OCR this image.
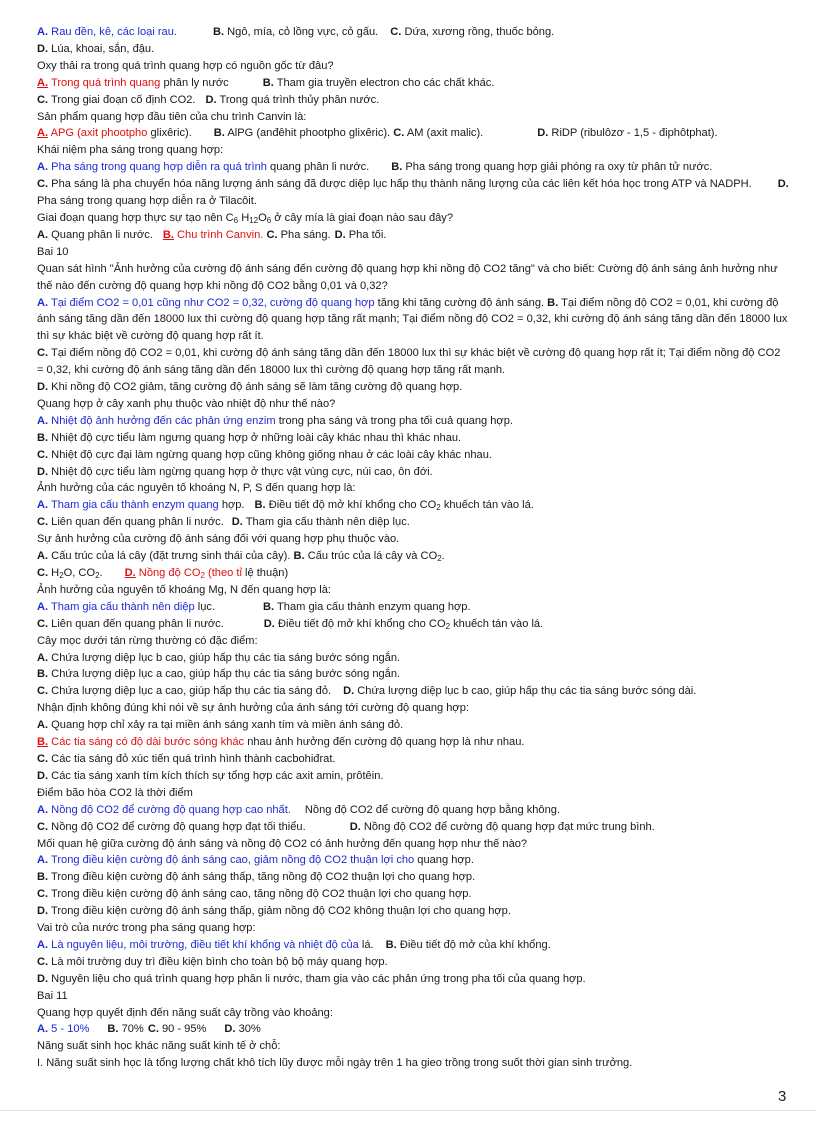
A. Rau đền, kê, các loại rau.	B. Ngô, mía, cỏ lồng vực, cỏ gấu. C. Dứa, xương rồng, thuốc bỏng.
D. Lúa, khoai, sắn, đậu.
Oxy thải ra trong quá trình quang hợp có nguồn gốc từ đâu?
A. Trong quá trình quang phân ly nước	B. Tham gia truyền electron cho các chất khác.
C. Trong giai đoạn cố định CO2. D. Trong quá trình thủy phân nước.
Sản phẩm quang hợp đầu tiên của chu trình Canvin là:
A. APG (axit phootpho glixêric). B. AlPG (anđêhit phootpho glixêric). C. AM (axit malic).	D. RiDP (ribulôzơ - 1,5 - điphôtphat).
Khái niệm pha sáng trong quang hợp:
A. Pha sáng trong quang hợp diễn ra quá trình quang phân li nước. B. Pha sáng trong quang hợp giải phóng ra oxy từ phân tử nước.
C. Pha sáng là pha chuyển hóa năng lượng ánh sáng đã được diệp lục hấp thụ thành năng lượng của các liên kết hóa học trong ATP và NADPH. D. Pha sáng trong quang hợp diễn ra ở Tilacôit.
Giai đoạn quang hợp thực sự tạo nên $C_6$ $H_{12}O_6$ ở cây mía là giai đoạn nào sau đây?
A. Quang phân li nước. B. Chu trình Canvin. C. Pha sáng. D. Pha tối.
Bai 10
Quan sát hình "Ảnh hưởng của cường độ ánh sáng đến cường độ quang hợp khi nồng độ CO2 tăng" và cho biết: Cường độ ánh sáng ảnh hưởng như thế nào đến cường độ quang hợp khi nồng độ CO2 bằng 0,01 và 0,32?
A. Tại điểm CO2 = 0,01 cũng như CO2 = 0,32, cường độ quang hợp tăng khi tăng cường độ ánh sáng. B. Tại điểm nồng độ CO2 = 0,01, khi cường độ ánh sáng tăng dần đến 18000 lux thì cường độ quang hợp tăng rất mạnh; Tại điểm nồng độ CO2 = 0,32, khi cường độ ánh sáng tăng dần đến 18000 lux thì sự khác biệt về cường độ quang hợp rất ít.
C. Tại điểm nồng độ CO2 = 0,01, khi cường độ ánh sáng tăng dần đến 18000 lux thì sự khác biệt về cường độ quang hợp rất ít; Tại điểm nồng độ CO2 = 0,32, khi cường độ ánh sáng tăng dần đến 18000 lux thì cường độ quang hợp tăng rất mạnh.
D. Khi nồng độ CO2 giảm, tăng cường độ ánh sáng sẽ làm tăng cường độ quang hợp.
Quang hợp ở cây xanh phụ thuộc vào nhiệt độ như thế nào?
A. Nhiệt độ ảnh hưởng đến các phản ứng enzim trong pha sáng và trong pha tối cuả quang hợp.
B. Nhiệt độ cực tiểu làm ngưng quang hợp ở những loài cây khác nhau thì khác nhau.
C. Nhiệt độ cực đại làm ngừng quang hợp cũng không giống nhau ở các loài cây khác nhau.
D. Nhiệt độ cực tiểu làm ngừng quang hợp ở thực vật vùng cực, núi cao, ôn đới.
Ảnh hưởng của các nguyên tố khoáng N, P, S đến quang hợp là:
A. Tham gia cấu thành enzym quang hợp. B. Điều tiết độ mở khí khổng cho $CO_2$ khuếch tán vào lá.
C. Liên quan đến quang phân li nước. D. Tham gia cấu thành nên diệp lục.
Sự ảnh hưởng của cường độ ánh sáng đối với quang hợp phụ thuộc vào.
A. Cấu trúc của lá cây (đặt trưng sinh thái của cây). B. Cấu trúc của lá cây và $CO_2$.
C. $H_2O$, $CO_2$. D. Nồng độ $CO_2$ (theo tỉ lệ thuận)
Ảnh hưởng của nguyên tố khoáng Mg, N đến quang hợp là:
A. Tham gia cấu thành nên diệp lục.	B. Tham gia cấu thành enzym quang hợp.
C. Liên quan đến quang phân li nước.	D. Điều tiết độ mở khí khổng cho $CO_2$ khuếch tán vào lá.
Cây mọc dưới tán rừng thường có đặc điểm:
A. Chứa lượng diệp lục b cao, giúp hấp thụ các tia sáng bước sóng ngắn.
B. Chứa lượng diệp lục a cao, giúp hấp thụ các tia sáng bước sóng ngắn.
C. Chứa lượng diệp lục a cao, giúp hấp thụ các tia sáng đỏ. D. Chứa lượng diệp lục b cao, giúp hấp thụ các tia sáng bước sóng dài.
Nhận định không đúng khi nói về sự ảnh hưởng của ánh sáng tới cường độ quang hợp:
A. Quang hợp chỉ xảy ra tại miền ánh sáng xanh tím và miền ánh sáng đỏ.
B. Các tia sáng có độ dài bước sóng khác nhau ảnh hưởng đến cường độ quang hợp là như nhau.
C. Các tia sáng đỏ xúc tiến quá trình hình thành cacbohiđrat.
D. Các tia sáng xanh tím kích thích sự tổng hợp các axit amin, prôtêin.
Điểm bão hòa CO2 là thời điểm
A. Nồng độ CO2 để cường độ quang hợp cao nhất. Nồng độ CO2 để cường độ quang hợp bằng không.
C. Nồng độ CO2 để cường độ quang hợp đạt tối thiểu.	D. Nồng độ CO2 để cường độ quang hợp đạt mức trung bình.
Mối quan hệ giữa cường độ ánh sáng và nồng độ CO2 có ảnh hưởng đến quang hợp như thế nào?
A. Trong điều kiện cường độ ánh sáng cao, giảm nồng độ CO2 thuận lợi cho quang hợp.
B. Trong điều kiện cường độ ánh sáng thấp, tăng nồng độ CO2 thuận lợi cho quang hợp.
C. Trong điều kiện cường độ ánh sáng cao, tăng nồng độ CO2 thuận lợi cho quang hợp.
D. Trong điều kiện cường độ ánh sáng thấp, giảm nồng độ CO2 không thuận lợi cho quang hợp.
Vai trò của nước trong pha sáng quang hợp:
A. Là nguyên liệu, môi trường, điều tiết khí khổng và nhiệt độ của lá. B. Điều tiết độ mở của khí khổng.
C. Là môi trường duy trì điều kiện bình cho toàn bộ bộ máy quang hợp.
D. Nguyên liệu cho quá trình quang hợp phân li nước, tham gia vào các phản ứng trong pha tối của quang hợp.
Bai 11
Quang hợp quyết định đến năng suất cây trồng vào khoảng:
A. 5 - 10% B. 70% C. 90 - 95% D. 30%
Năng suất sinh học khác năng suất kinh tế ở chỗ:
I. Năng suất sinh học là tổng lượng chất khô tích lũy được mỗi ngày trên 1 ha gieo trồng trong suốt thời gian sinh trưởng.
3
